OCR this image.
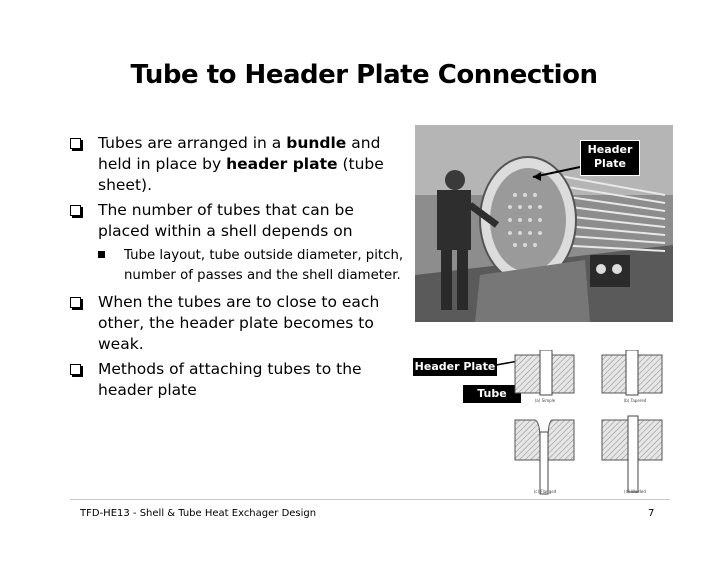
Tube to Header Plate Connection
Tubes are arranged in a bundle and held in place by header plate (tube sheet).
The number of tubes that can be placed within a shell depends on
Tube layout, tube outside diameter, pitch, number of passes and the shell diameter.
When the tubes are to close to each other, the header plate becomes to weak.
Methods of attaching tubes to the header plate
Header Plate
Header Plate
Tube
(a) Simple	(b) Tapered
(c) Flanged	(d) Welded
TFD-HE13 - Shell & Tube Heat Exchager Design	7
